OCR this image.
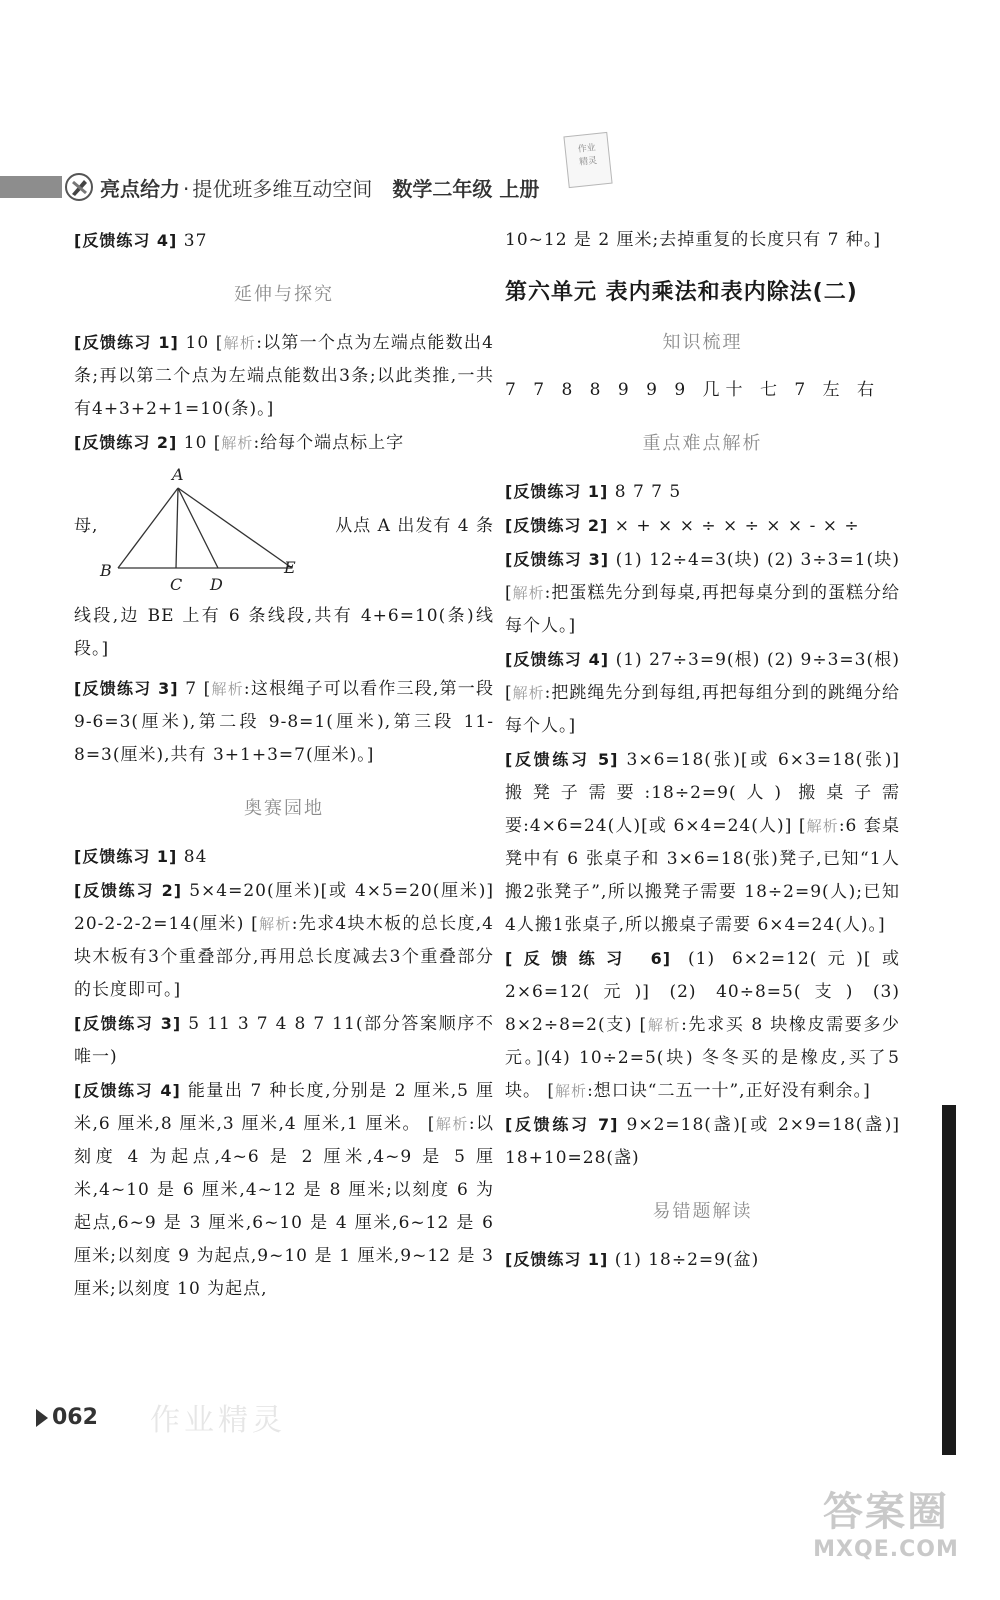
亮点给力 · 提优班多维互动空间 数学二年级 上册
作业
精灵

[反馈练习 4] 37

延伸与探究

[反馈练习 1] 10 [解析:以第一个点为左端点能数出4条;再以第二个点为左端点能数出3条;以此类推,一共有4+3+2+1=10(条)。]

[反馈练习 2] 10 [解析:给每个端点标上字

母,
A
B
C D
E
从点 A 出发有 4 条

线段,边 BE 上有 6 条线段,共有 4+6=10(条)线段。]

[反馈练习 3] 7 [解析:这根绳子可以看作三段,第一段 9-6=3(厘米),第二段 9-8=1(厘米),第三段 11-8=3(厘米),共有 3+1+3=7(厘米)。]

奥赛园地

[反馈练习 1] 84

[反馈练习 2] 5×4=20(厘米)[或 4×5=20(厘米)] 20-2-2-2=14(厘米) [解析:先求4块木板的总长度,4块木板有3个重叠部分,再用总长度减去3个重叠部分的长度即可。]

[反馈练习 3] 5 11 3 7 4 8 7 11(部分答案顺序不唯一)

[反馈练习 4] 能量出 7 种长度,分别是 2 厘米,5 厘米,6 厘米,8 厘米,3 厘米,4 厘米,1 厘米。 [解析:以刻度 4 为起点,4~6 是 2 厘米,4~9 是 5 厘米,4~10 是 6 厘米,4~12 是 8 厘米;以刻度 6 为起点,6~9 是 3 厘米,6~10 是 4 厘米,6~12 是 6 厘米;以刻度 9 为起点,9~10 是 1 厘米,9~12 是 3 厘米;以刻度 10 为起点,

10~12 是 2 厘米;去掉重复的长度只有 7 种。]

第六单元 表内乘法和表内除法(二)
知识梳理

7 7 8 8 9 9 9 几十 七 7 左 右

重点难点解析

[反馈练习 1] 8 7 7 5

[反馈练习 2] × + × × ÷ × ÷ × × - × ÷

[反馈练习 3] (1) 12÷4=3(块) (2) 3÷3=1(块) [解析:把蛋糕先分到每桌,再把每桌分到的蛋糕分给每个人。]

[反馈练习 4] (1) 27÷3=9(根) (2) 9÷3=3(根) [解析:把跳绳先分到每组,再把每组分到的跳绳分给每个人。]

[反馈练习 5] 3×6=18(张)[或 6×3=18(张)] 搬凳子需要:18÷2=9(人) 搬桌子需要:4×6=24(人)[或 6×4=24(人)] [解析:6 套桌凳中有 6 张桌子和 3×6=18(张)凳子,已知“1人搬2张凳子”,所以搬凳子需要 18÷2=9(人);已知4人搬1张桌子,所以搬桌子需要 6×4=24(人)。]

[反馈练习 6] (1) 6×2=12(元)[或 2×6=12(元)] (2) 40÷8=5(支) (3) 8×2÷8=2(支) [解析:先求买 8 块橡皮需要多少元。](4) 10÷2=5(块) 冬冬买的是橡皮,买了5块。 [解析:想口诀“二五一十”,正好没有剩余。]

[反馈练习 7] 9×2=18(盏)[或 2×9=18(盏)] 18+10=28(盏)

易错题解读

[反馈练习 1] (1) 18÷2=9(盆)

062 作业精灵
答案圈
MXQE.COM
